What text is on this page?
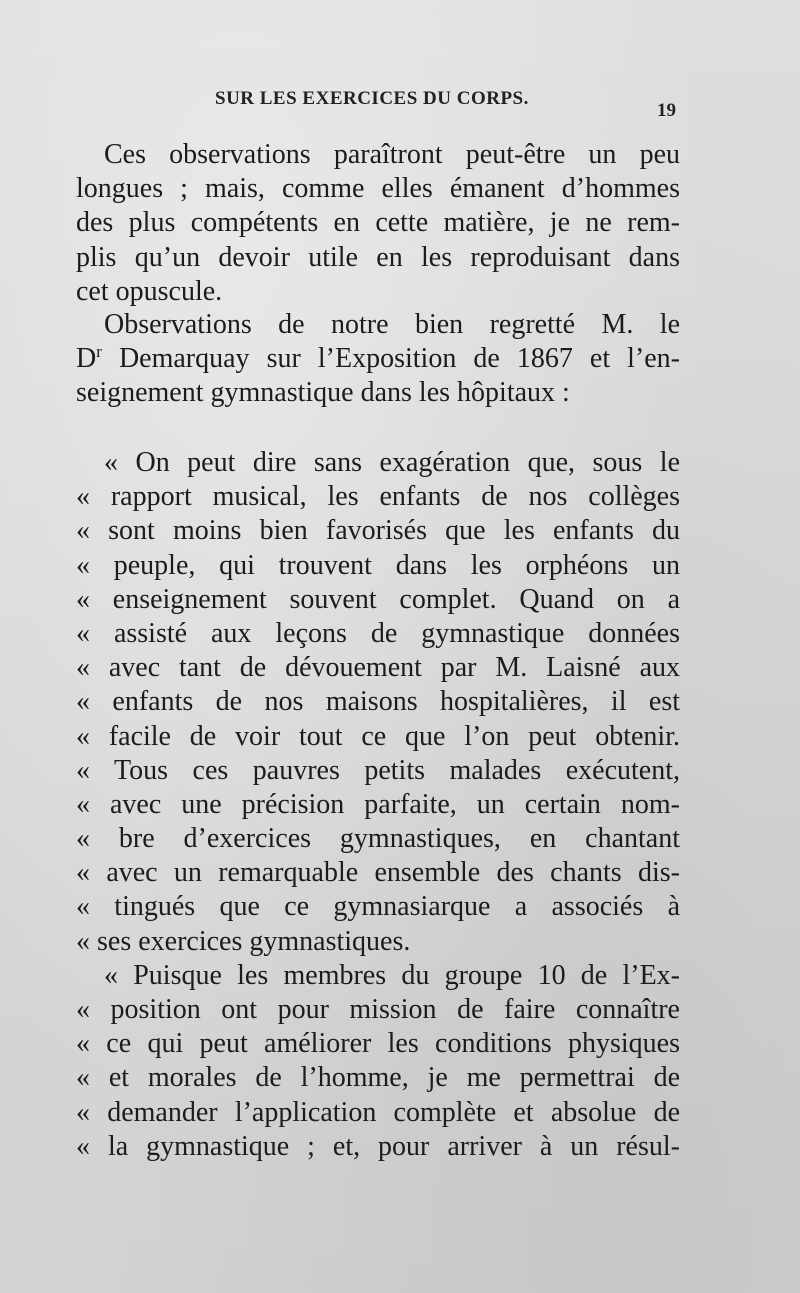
SUR LES EXERCICES DU CORPS.
19
Ces observations paraîtront peut-être un peu
longues ; mais, comme elles émanent d’hommes
des plus compétents en cette matière, je ne rem-
plis qu’un devoir utile en les reproduisant dans
cet opuscule.
Observations de notre bien regretté M. le
$D^r$ Demarquay sur l’Exposition de 1867 et l’en-
seignement gymnastique dans les hôpitaux :
« On peut dire sans exagération que, sous le
« rapport musical, les enfants de nos collèges
« sont moins bien favorisés que les enfants du
« peuple, qui trouvent dans les orphéons un
« enseignement souvent complet. Quand on a
« assisté aux leçons de gymnastique données
« avec tant de dévouement par M. Laisné aux
« enfants de nos maisons hospitalières, il est
« facile de voir tout ce que l’on peut obtenir.
« Tous ces pauvres petits malades exécutent,
« avec une précision parfaite, un certain nom-
« bre d’exercices gymnastiques, en chantant
« avec un remarquable ensemble des chants dis-
« tingués que ce gymnasiarque a associés à
« ses exercices gymnastiques.
« Puisque les membres du groupe 10 de l’Ex-
« position ont pour mission de faire connaître
« ce qui peut améliorer les conditions physiques
« et morales de l’homme, je me permettrai de
« demander l’application complète et absolue de
« la gymnastique ; et, pour arriver à un résul-
